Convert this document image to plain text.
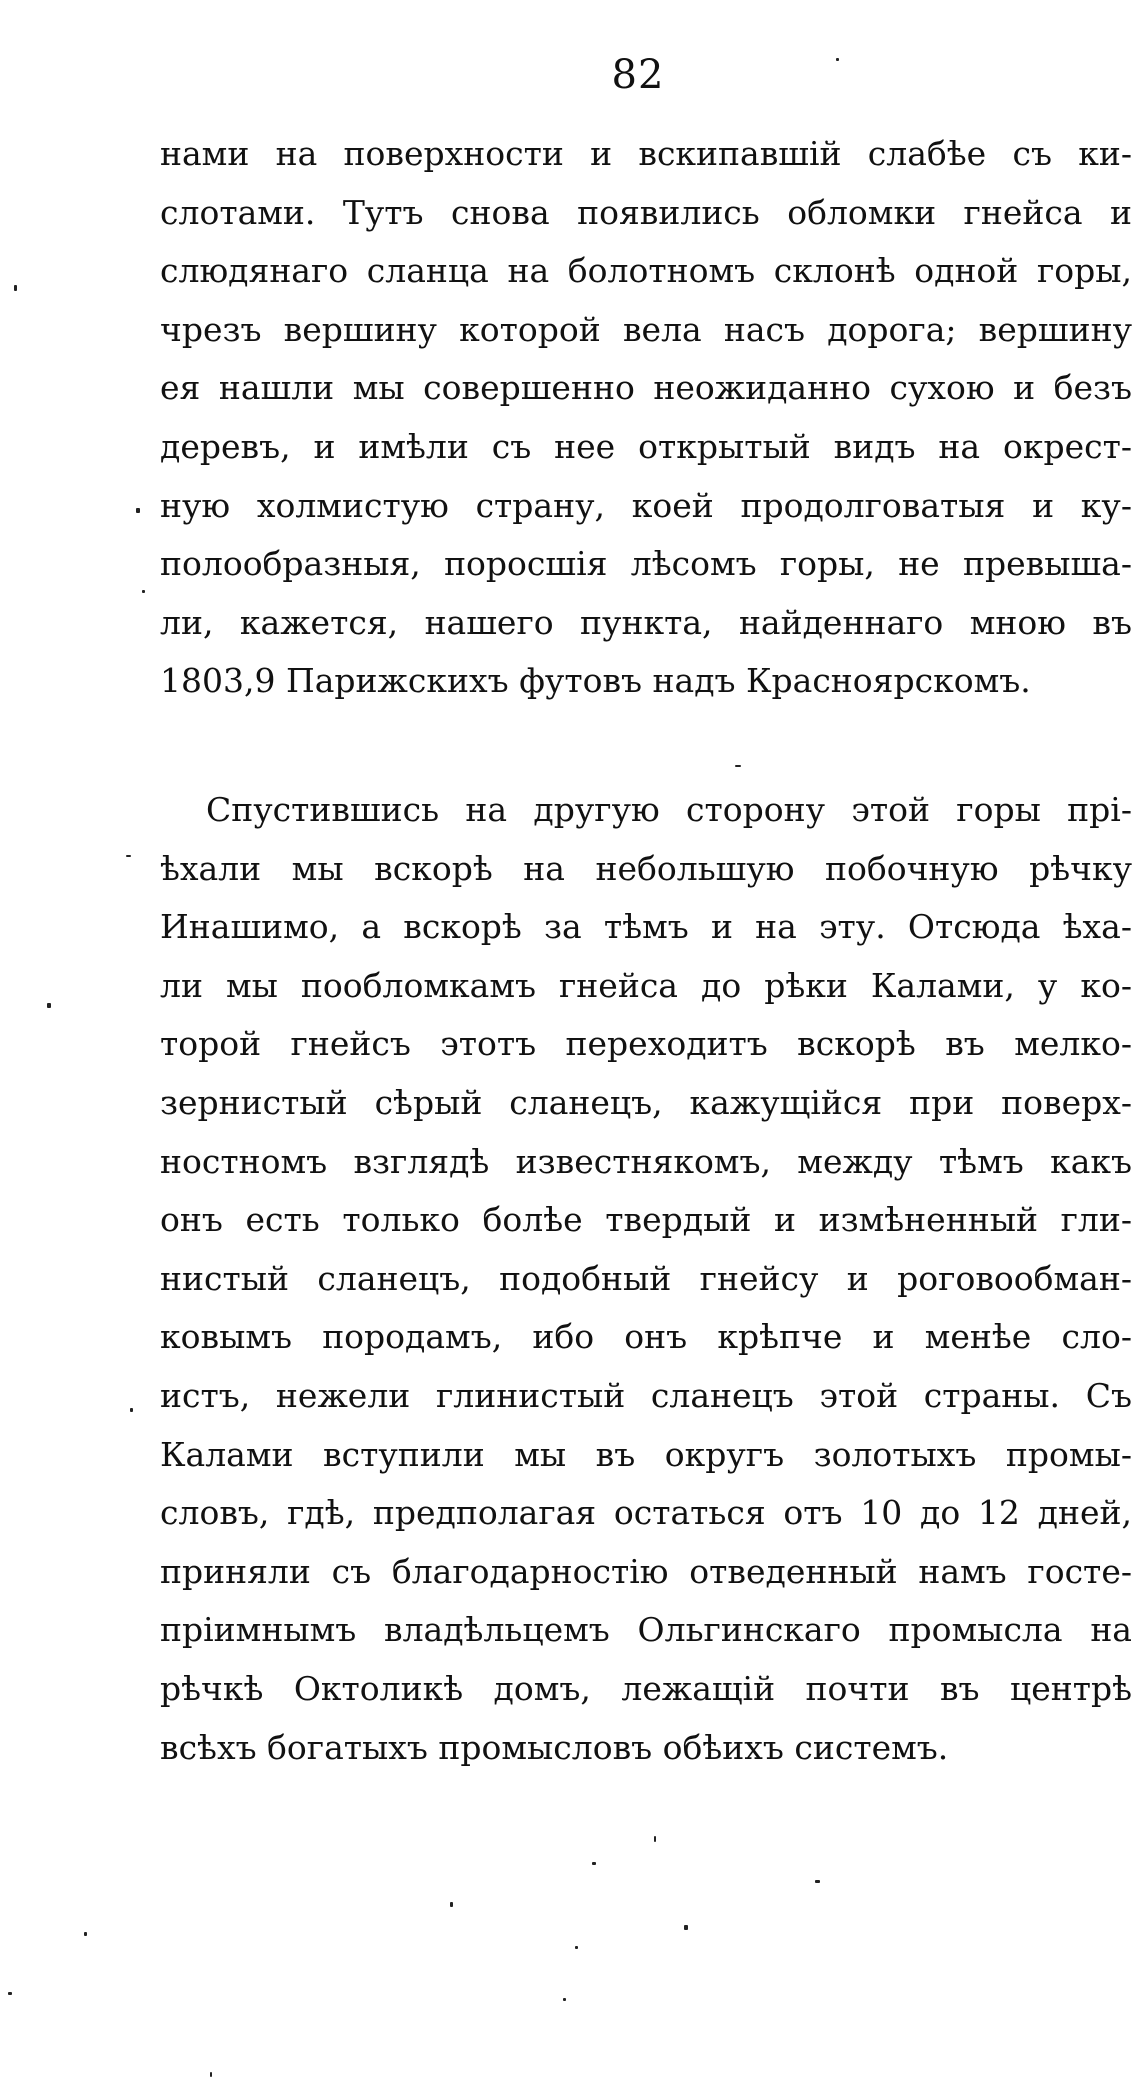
82
нами на поверхности и вскипавшій слабѣе съ ки-
слотами. Тутъ снова появились обломки гнейса и
слюдянаго сланца на болотномъ склонѣ одной горы,
чрезъ вершину которой вела насъ дорога; вершину
ея нашли мы совершенно неожиданно сухою и безъ
деревъ, и имѣли съ нее открытый видъ на окрест-
ную холмистую страну, коей продолговатыя и ку-
полообразныя, поросшія лѣсомъ горы, не превыша-
ли, кажется, нашего пункта, найденнаго мною въ
1803,9 Парижскихъ футовъ надъ Красноярскомъ.
Спустившись на другую сторону этой горы прі-
ѣхали мы вскорѣ на небольшую побочную рѣчку
Инашимо, а вскорѣ за тѣмъ и на эту. Отсюда ѣха-
ли мы пообломкамъ гнейса до рѣки Калами, у ко-
торой гнейсъ этотъ переходитъ вскорѣ въ мелко-
зернистый сѣрый сланецъ, кажущійся при поверх-
ностномъ взглядѣ известнякомъ, между тѣмъ какъ
онъ есть только болѣе твердый и измѣненный гли-
нистый сланецъ, подобный гнейсу и роговообман-
ковымъ породамъ, ибо онъ крѣпче и менѣе сло-
истъ, нежели глинистый сланецъ этой страны. Съ
Калами вступили мы въ округъ золотыхъ промы-
словъ, гдѣ, предполагая остаться отъ 10 до 12 дней,
приняли съ благодарностію отведенный намъ госте-
пріимнымъ владѣльцемъ Ольгинскаго промысла на
рѣчкѣ Октоликѣ домъ, лежащій почти въ центрѣ
всѣхъ богатыхъ промысловъ обѣихъ системъ.
